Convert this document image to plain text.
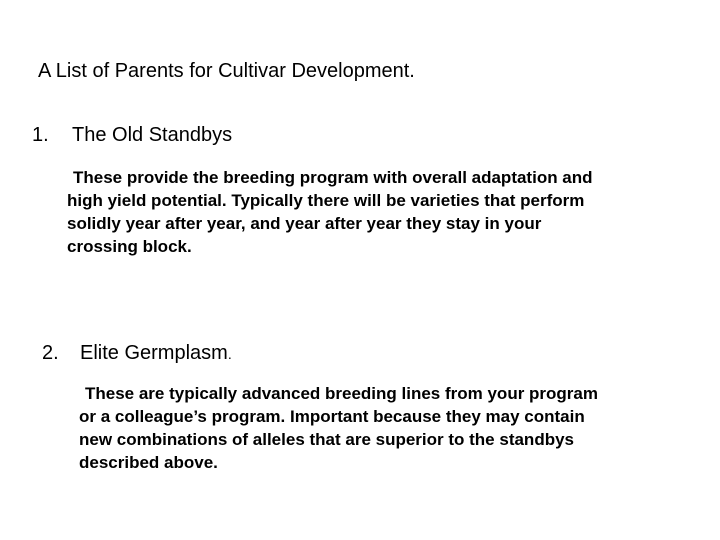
A List of Parents for Cultivar Development.
1. The Old Standbys
These provide the breeding program with overall adaptation and
high yield potential. Typically there will be varieties that perform
solidly year after year, and year after year they stay in your
crossing block.
2. Elite Germplasm.
These are typically advanced breeding lines from your program
or a colleague’s program. Important because they may contain
new combinations of alleles that are superior to the standbys
described above.
